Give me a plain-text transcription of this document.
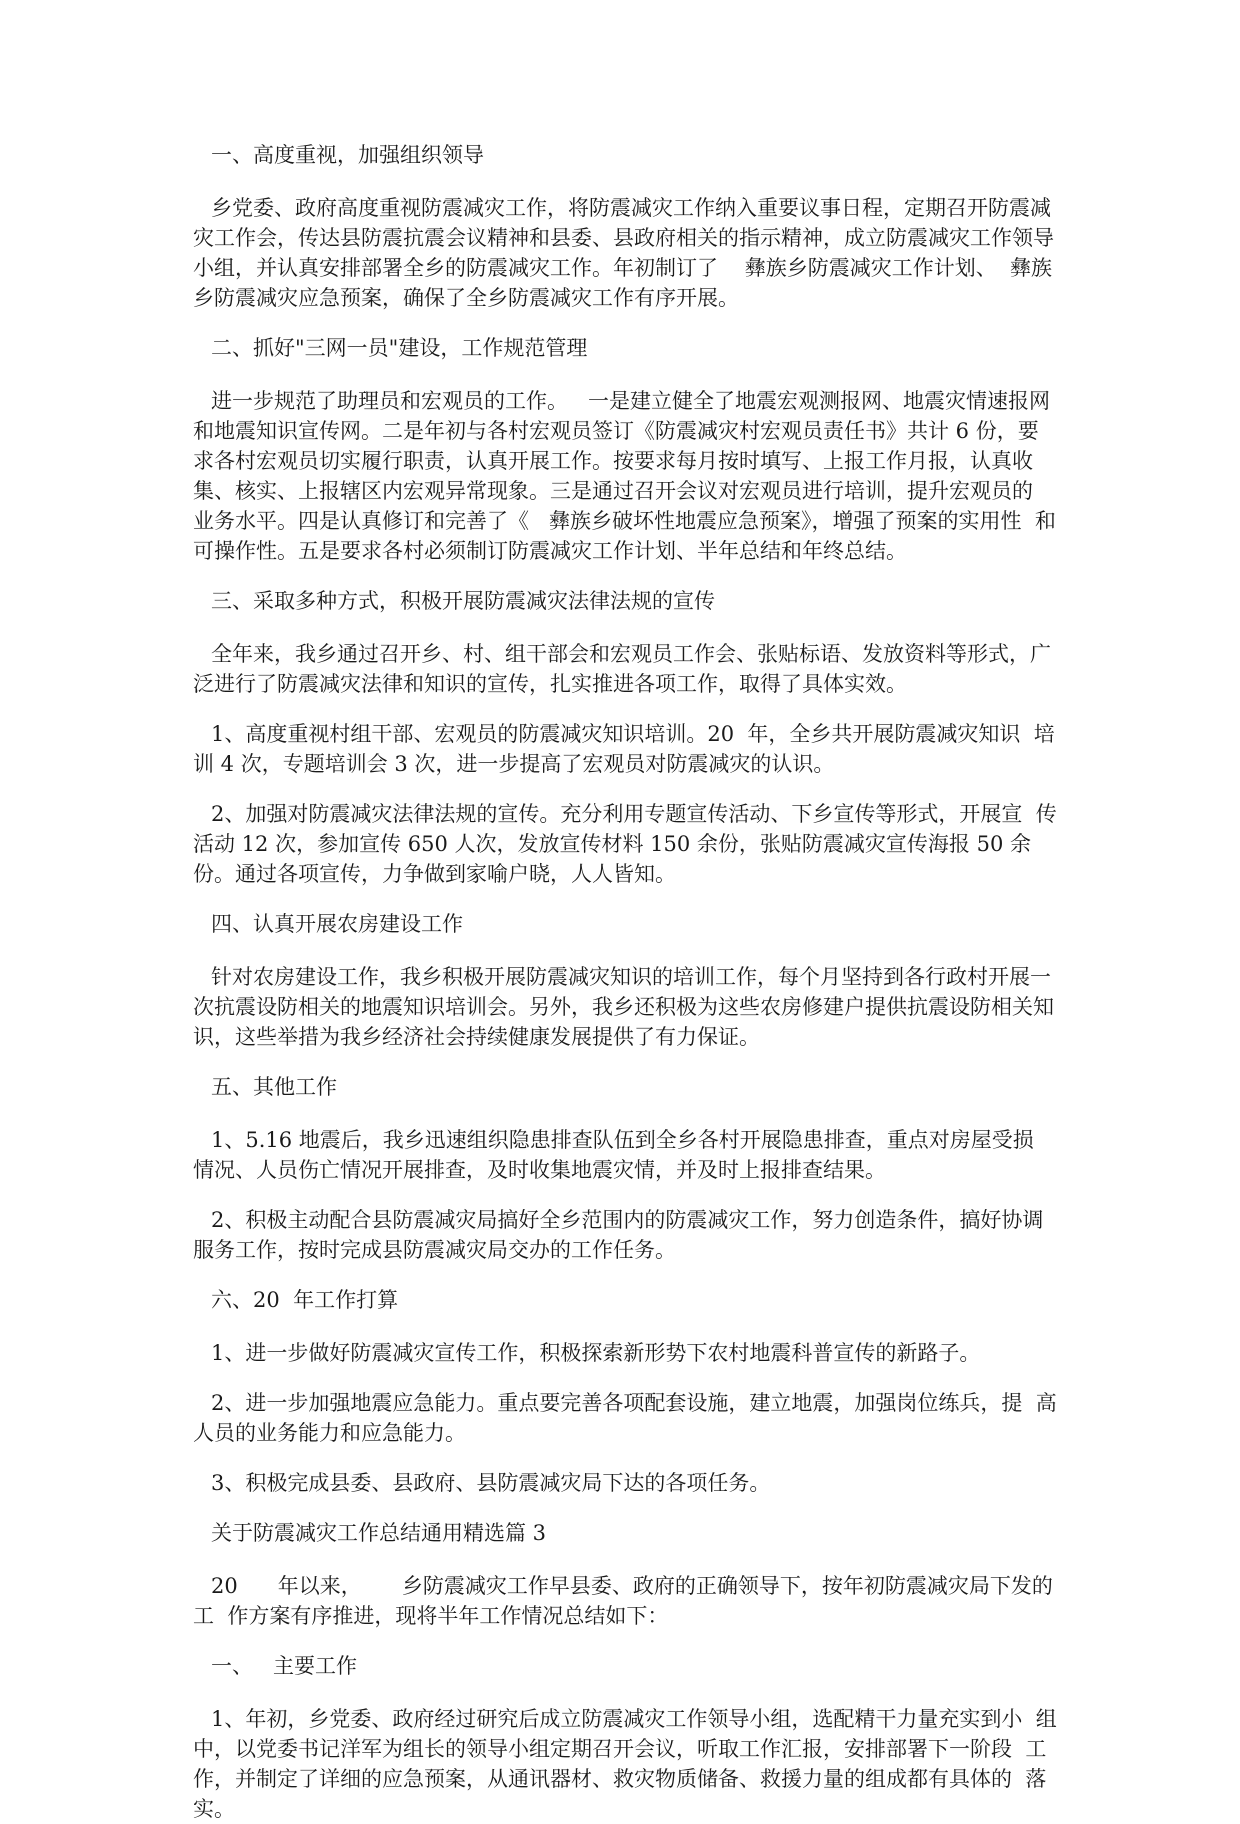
一、高度重视，加强组织领导

乡党委、政府高度重视防震减灾工作，将防震减灾工作纳入重要议事日程，定期召开防震减灾工作会，传达县防震抗震会议精神和县委、县政府相关的指示精神，成立防震减灾工作领导小组，并认真安排部署全乡的防震减灾工作。年初制订了    彝族乡防震减灾工作计划、  彝族乡防震减灾应急预案，确保了全乡防震减灾工作有序开展。

二、抓好"三网一员"建设，工作规范管理

进一步规范了助理员和宏观员的工作。   一是建立健全了地震宏观测报网、地震灾情速报网  和地震知识宣传网。二是年初与各村宏观员签订《防震减灾村宏观员责任书》共计 6 份，要  求各村宏观员切实履行职责，认真开展工作。按要求每月按时填写、上报工作月报，认真收  集、核实、上报辖区内宏观异常现象。三是通过召开会议对宏观员进行培训，提升宏观员的  业务水平。四是认真修订和完善了《   彝族乡破坏性地震应急预案》，增强了预案的实用性  和可操作性。五是要求各村必须制订防震减灾工作计划、半年总结和年终总结。

三、采取多种方式，积极开展防震减灾法律法规的宣传

全年来，我乡通过召开乡、村、组干部会和宏观员工作会、张贴标语、发放资料等形式，广泛进行了防震减灾法律和知识的宣传，扎实推进各项工作，取得了具体实效。

1、高度重视村组干部、宏观员的防震减灾知识培训。20  年，全乡共开展防震减灾知识  培训 4 次，专题培训会 3 次，进一步提高了宏观员对防震减灾的认识。

2、加强对防震减灾法律法规的宣传。充分利用专题宣传活动、下乡宣传等形式，开展宣  传活动 12 次，参加宣传 650 人次，发放宣传材料 150 余份，张贴防震减灾宣传海报 50 余  份。通过各项宣传，力争做到家喻户晓，人人皆知。

四、认真开展农房建设工作

针对农房建设工作，我乡积极开展防震减灾知识的培训工作，每个月坚持到各行政村开展一次抗震设防相关的地震知识培训会。另外，我乡还积极为这些农房修建户提供抗震设防相关知识，这些举措为我乡经济社会持续健康发展提供了有力保证。

五、其他工作

1、5.16 地震后，我乡迅速组织隐患排查队伍到全乡各村开展隐患排查，重点对房屋受损  情况、人员伤亡情况开展排查，及时收集地震灾情，并及时上报排查结果。

2、积极主动配合县防震减灾局搞好全乡范围内的防震减灾工作，努力创造条件，搞好协调服务工作，按时完成县防震减灾局交办的工作任务。

六、20  年工作打算

1、进一步做好防震减灾宣传工作，积极探索新形势下农村地震科普宣传的新路子。

2、进一步加强地震应急能力。重点要完善各项配套设施，建立地震，加强岗位练兵，提  高人员的业务能力和应急能力。

3、积极完成县委、县政府、县防震减灾局下达的各项任务。

关于防震减灾工作总结通用精选篇 3

20      年以来，      乡防震减灾工作早县委、政府的正确领导下，按年初防震减灾局下发的工  作方案有序推进，现将半年工作情况总结如下：

一、   主要工作

1、年初，乡党委、政府经过研究后成立防震减灾工作领导小组，选配精干力量充实到小  组中，以党委书记洋军为组长的领导小组定期召开会议，听取工作汇报，安排部署下一阶段  工作，并制定了详细的应急预案，从通讯器材、救灾物质储备、救援力量的组成都有具体的  落实。
